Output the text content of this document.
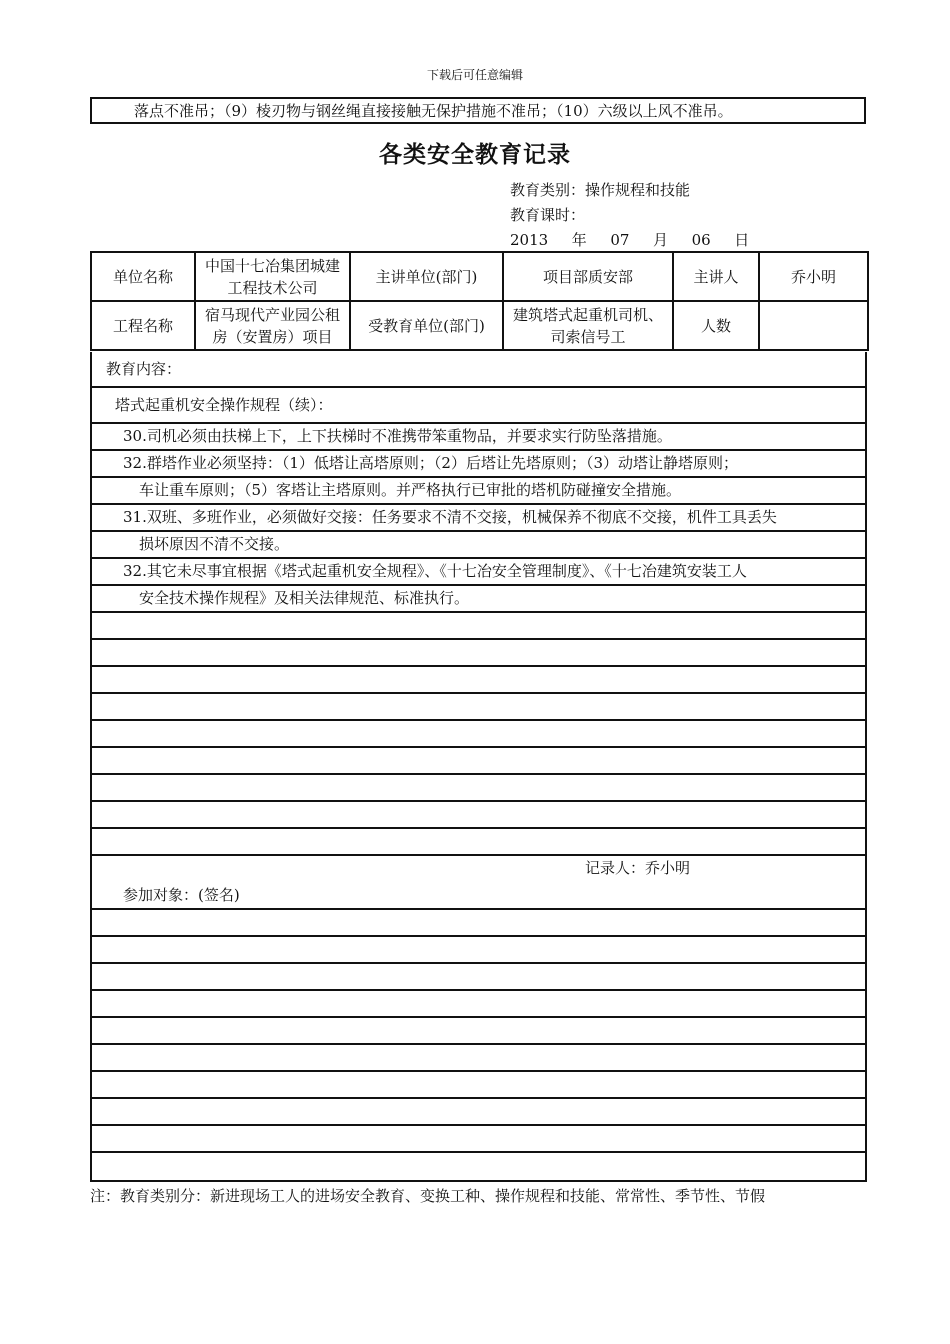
下载后可任意编辑
落点不准吊；（9）棱刃物与钢丝绳直接接触无保护措施不准吊；（10）六级以上风不准吊。
各类安全教育记录
教育类别：操作规程和技能
教育课时：
2013 年 07 月 06 日
单位名称	中国十七冶集团城建工程技术公司	主讲单位(部门)	项目部质安部	主讲人	乔小明
工程名称	宿马现代产业园公租房（安置房）项目	受教育单位(部门)	建筑塔式起重机司机、司索信号工	人数	
教育内容：
塔式起重机安全操作规程（续）：
30.司机必须由扶梯上下，上下扶梯时不准携带笨重物品，并要求实行防坠落措施。
32.群塔作业必须坚持：（1）低塔让高塔原则；（2）后塔让先塔原则；（3）动塔让静塔原则；
车让重车原则；（5）客塔让主塔原则。并严格执行已审批的塔机防碰撞安全措施。
31.双班、多班作业，必须做好交接：任务要求不清不交接，机械保养不彻底不交接，机件工具丢失
损坏原因不清不交接。
32.其它未尽事宜根据《塔式起重机安全规程》、《十七冶安全管理制度》、《十七冶建筑安装工人
安全技术操作规程》及相关法律规范、标准执行。
记录人：乔小明
参加对象：(签名)
注：教育类别分：新进现场工人的进场安全教育、变换工种、操作规程和技能、常常性、季节性、节假
